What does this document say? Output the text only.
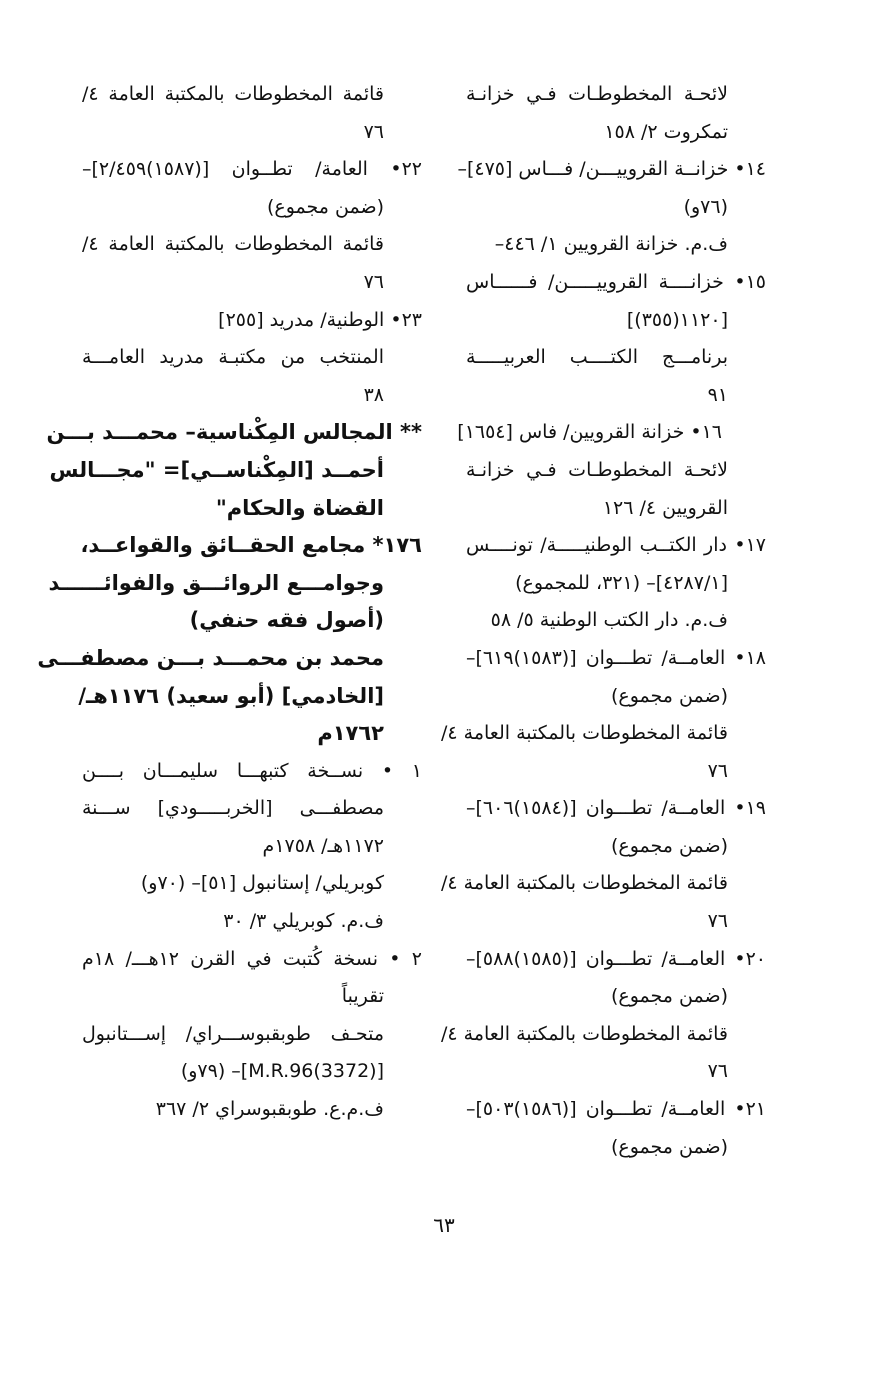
لائحـة المخطوطـات فـي خزانـة
تمكروت ٢/ ١٥٨
١٤• خزانــة القروييـــن/ فـــاس [٤٧٥]–
(٧٦و)
ف.م. خزانة القرويين ١/ ٤٤٦–
١٥• خزانــــة القروييـــــن/ فــــــاس
[١١٢٠(٣٥٥)]
برنامـــج الكتــــب العربيـــــة
٩١
١٦• خزانة القرويين/ فاس [١٦٥٤]
لائحـة المخطوطـات فـي خزانـة
القرويين ٤/ ١٢٦
١٧• دار الكتــب الوطنيـــــة/ تونــــس
[٤٢٨٧/١]– (٣٢١، للمجموع)
ف.م. دار الكتب الوطنية ٥/ ٥٨
١٨• العامــة/ تطـــوان [(١٥٨٣)٦١٩]–
(ضمن مجموع)
قائمة المخطوطات بالمكتبة العامة ٤/
٧٦
١٩• العامــة/ تطـــوان [(١٥٨٤)٦٠٦]–
(ضمن مجموع)
قائمة المخطوطات بالمكتبة العامة ٤/
٧٦
٢٠• العامــة/ تطـــوان [(١٥٨٥)٥٨٨]–
(ضمن مجموع)
قائمة المخطوطات بالمكتبة العامة ٤/
٧٦
٢١• العامــة/ تطـــوان [(١٥٨٦)٥٠٣]–
(ضمن مجموع)
قائمة المخطوطات بالمكتبة العامة ٤/
٧٦
٢٢• العامة/ تطــوان [(١٥٨٧)٢/٤٥٩]–
(ضمن مجموع)
قائمة المخطوطات بالمكتبة العامة ٤/
٧٦
٢٣• الوطنية/ مدريد [٢٥٥]
المنتخب من مكتبـة مدريد العامـــة
٣٨
** المجالس المِكْناسية– محمـــد بـــن
أحمــد [المِكْناســي]= "مجـــالس
القضاة والحكام"
١٧٦* مجامع الحقــائق والقواعــد،
وجوامـــع الروائـــق والفوائــــــد
(أصول فقه حنفي)
محمد بن محمـــد بـــن مصطفـــى
[الخادمي] (أبو سعيد) ١١٧٦هـ/
١٧٦٢م
١ • نســخة كتبهـــا سليمـــان بــــن
مصطفـــى [الخربـــــودي] ســـنة
١١٧٢هـ/ ١٧٥٨م
كوبريلي/ إستانبول [٥١]– (٧٠و)
ف.م. كوبريلي ٣/ ٣٠
٢ • نسخة كُتبت في القرن ١٢هـــ/ ١٨م
تقريباً
متحـف طوبقبوســـراي/ إســـتانبول
[(3372)M.R.96]– (٧٩و)
ف.م.ع. طوبقبوسراي ٢/ ٣٦٧
٦٣
